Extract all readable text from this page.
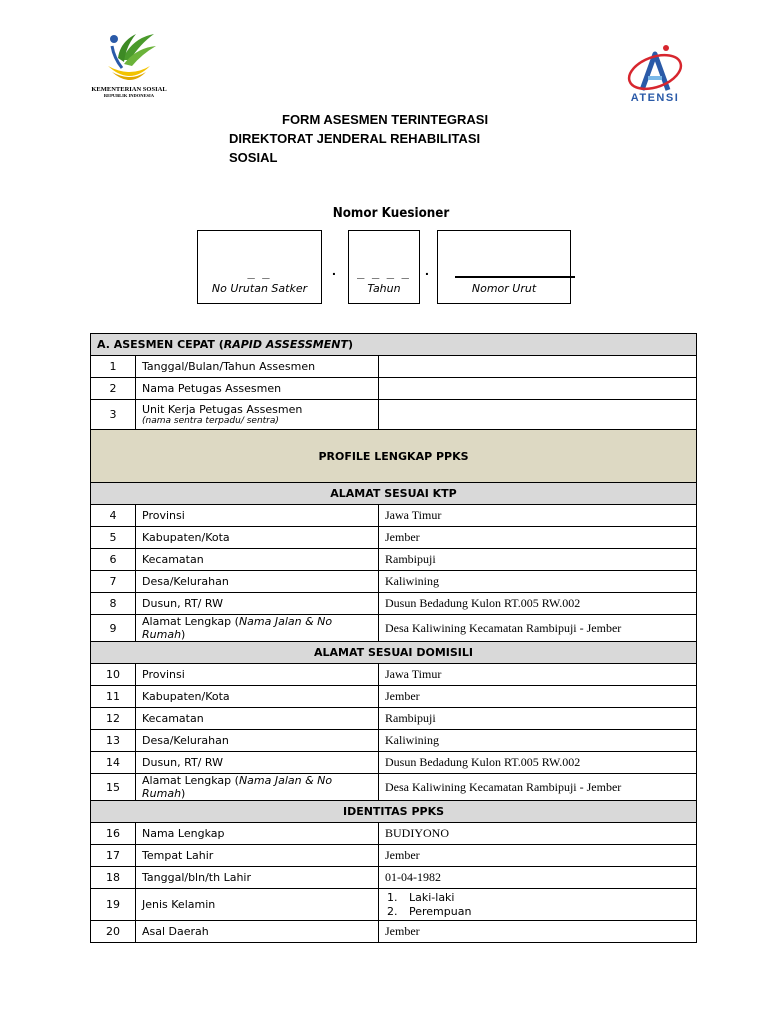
KEMENTERIAN SOSIAL
REPUBLIK INDONESIA	ATENSI
FORM ASESMEN TERINTEGRASI
DIREKTORAT JENDERAL REHABILITASI
SOSIAL
Nomor Kuesioner
_ _
No Urutan Satker
.	_ _ _ _
Tahun
.
Nomor Urut
A. ASESMEN CEPAT (RAPID ASSESSMENT)		
1	Tanggal/Bulan/Tahun Assesmen	
2	Nama Petugas Assesmen	
3	Unit Kerja Petugas Assesmen
(nama sentra terpadu/ sentra)	

PROFILE LENGKAP PPKS		
ALAMAT SESUAI KTP		
4	Provinsi	Jawa Timur
5	Kabupaten/Kota	Jember
6	Kecamatan	Rambipuji
7	Desa/Kelurahan	Kaliwining
8	Dusun, RT/ RW	Dusun Bedadung Kulon RT.005 RW.002
9	Alamat Lengkap (Nama Jalan & No Rumah)	Desa Kaliwining Kecamatan Rambipuji - Jember
ALAMAT SESUAI DOMISILI		
10	Provinsi	Jawa Timur
11	Kabupaten/Kota	Jember
12	Kecamatan	Rambipuji
13	Desa/Kelurahan	Kaliwining
14	Dusun, RT/ RW	Dusun Bedadung Kulon RT.005 RW.002
15	Alamat Lengkap (Nama Jalan & No Rumah)	Desa Kaliwining Kecamatan Rambipuji - Jember
IDENTITAS PPKS		
16	Nama Lengkap	BUDIYONO
17	Tempat Lahir	Jember
18	Tanggal/bln/th Lahir	01-04-1982
19	Jenis Kelamin	1. Laki-laki
2. Perempuan

20	Asal Daerah	Jember
